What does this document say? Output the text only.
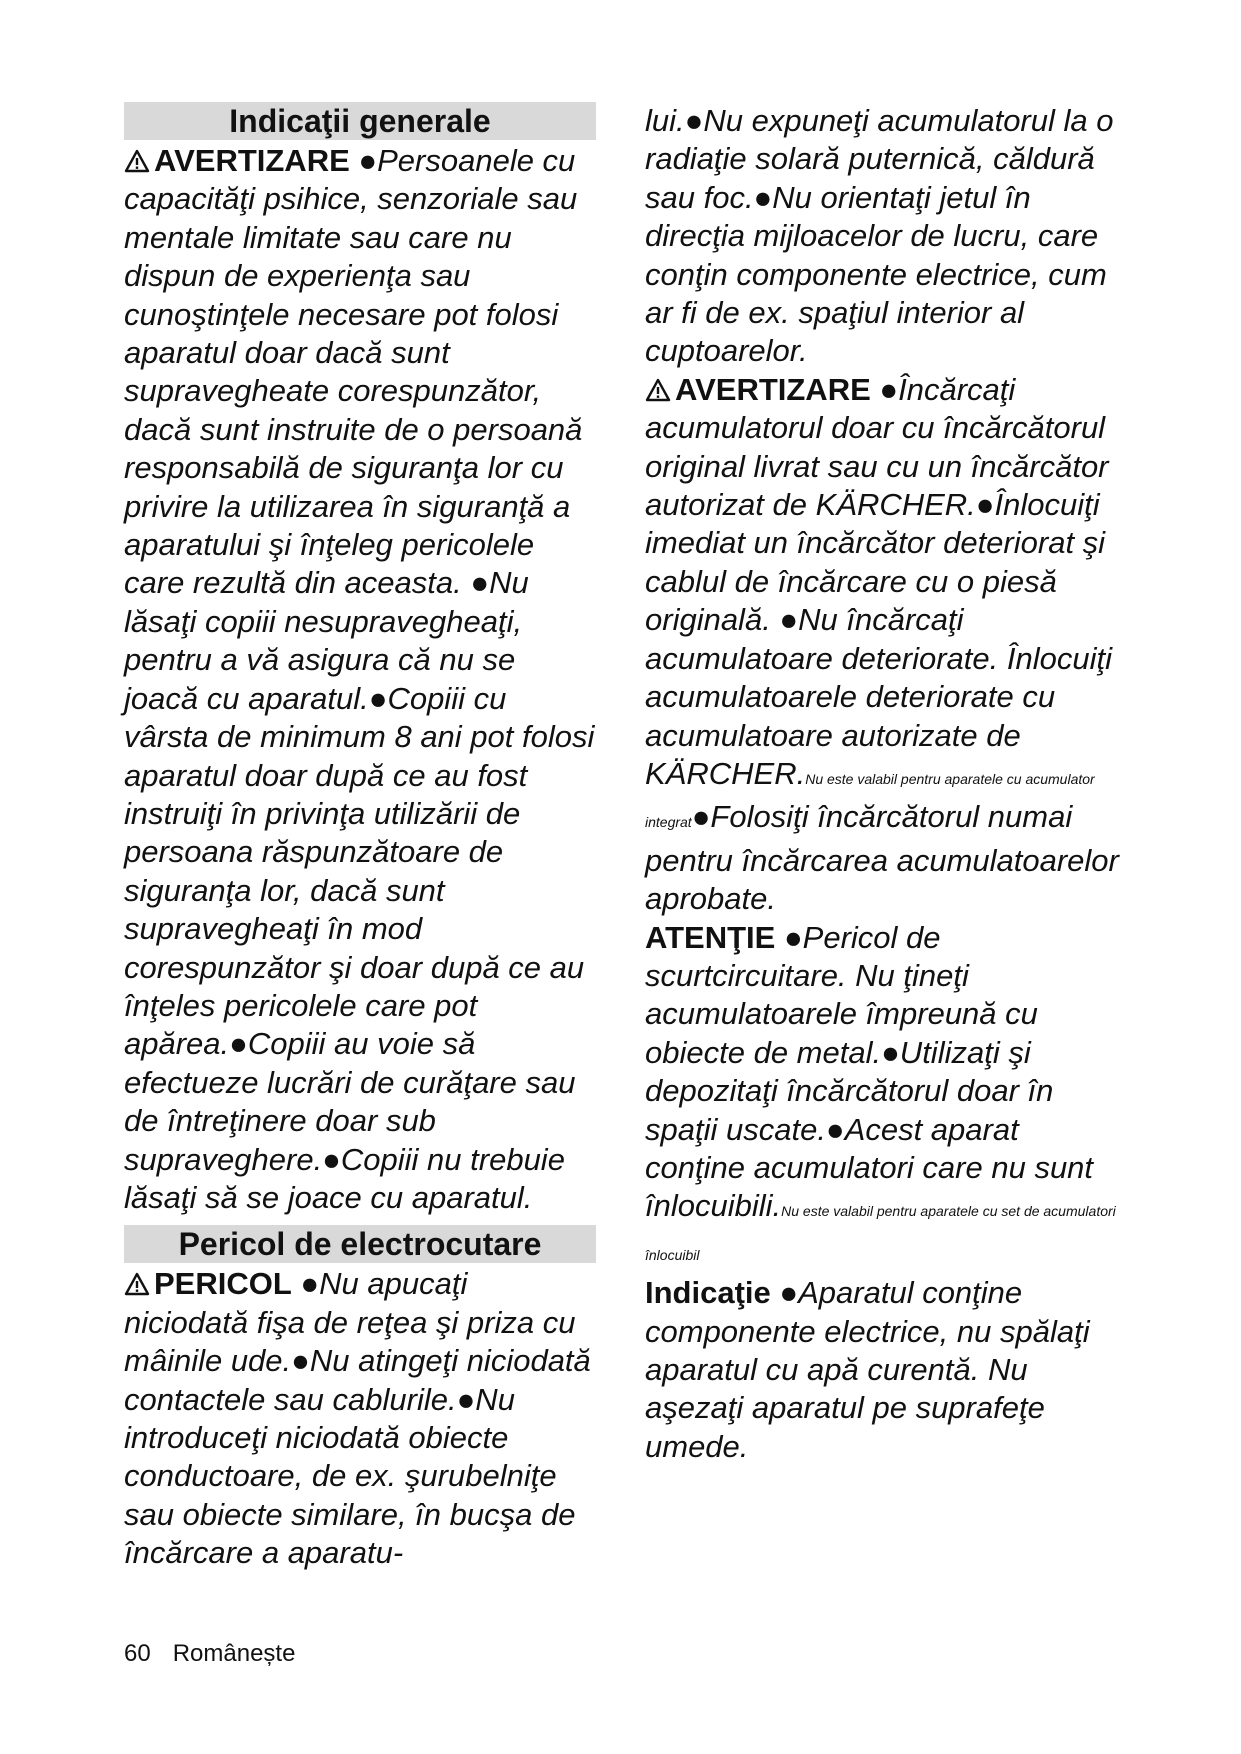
Indicaţii generale

AVERTIZARE ●Persoanele cu capacităţi psihice, senzoriale sau mentale limitate sau care nu dispun de experienţa sau cunoştinţele necesare pot folosi aparatul doar dacă sunt supravegheate corespunzător, dacă sunt instruite de o persoană responsabilă de siguranţa lor cu privire la utilizarea în siguranţă a aparatului şi înţeleg pericolele care rezultă din aceasta. ●Nu lăsaţi copiii nesupravegheaţi, pentru a vă asigura că nu se joacă cu aparatul.●Copiii cu vârsta de minimum 8 ani pot folosi aparatul doar după ce au fost instruiţi în privinţa utilizării de persoana răspunzătoare de siguranţa lor, dacă sunt supravegheaţi în mod corespunzător şi doar după ce au înţeles pericolele care pot apărea.●Copiii au voie să efectueze lucrări de curăţare sau de întreţinere doar sub supraveghere.●Copiii nu trebuie lăsaţi să se joace cu aparatul.

Pericol de electrocutare

PERICOL ●Nu apucaţi niciodată fişa de reţea şi priza cu mâinile ude.●Nu atingeţi niciodată contactele sau cablurile.●Nu introduceţi niciodată obiecte conductoare, de ex. şurubelniţe sau obiecte similare, în bucşa de încărcare a aparatu-

lui.●Nu expuneţi acumulatorul la o radiaţie solară puternică, căldură sau foc.●Nu orientaţi jetul în direcţia mijloacelor de lucru, care conţin componente electrice, cum ar fi de ex. spaţiul interior al cuptoarelor.

AVERTIZARE ●Încărcaţi acumulatorul doar cu încărcătorul original livrat sau cu un încărcător autorizat de KÄRCHER.●Înlocuiţi imediat un încărcător deteriorat şi cablul de încărcare cu o piesă originală. ●Nu încărcaţi acumulatoare deteriorate. Înlocuiţi acumulatoarele deteriorate cu acumulatoare autorizate de KÄRCHER.Nu este valabil pentru aparatele cu acumulator integrat●Folosiţi încărcătorul numai pentru încărcarea acumulatoarelor aprobate.

ATENŢIE ●Pericol de scurtcircuitare. Nu ţineţi acumulatoarele împreună cu obiecte de metal.●Utilizaţi şi depozitaţi încărcătorul doar în spaţii uscate.●Acest aparat conţine acumulatori care nu sunt înlocuibili.Nu este valabil pentru aparatele cu set de acumulatori înlocuibil

Indicaţie ●Aparatul conţine componente electrice, nu spălaţi aparatul cu apă curentă. Nu aşezaţi aparatul pe suprafeţe umede.

60 Românește
